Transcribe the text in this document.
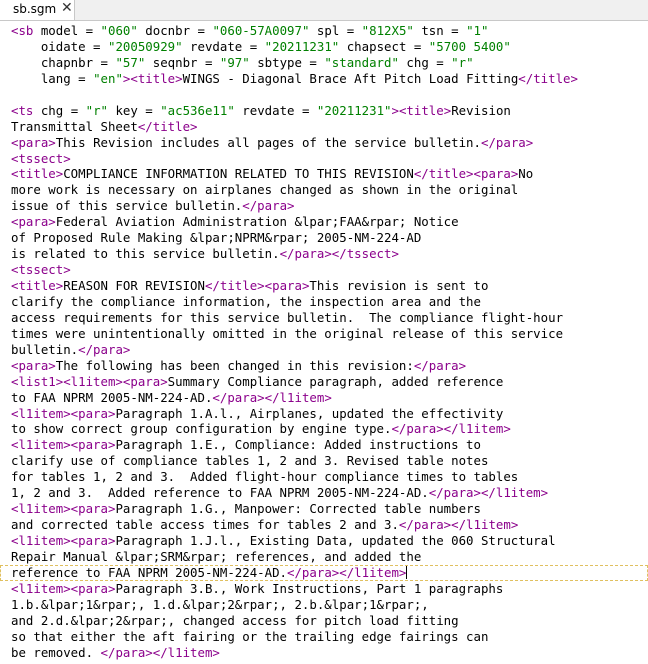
sb.sgm ✕
<sb model = "060" docnbr = "060-57A0097" spl = "812X5" tsn = "1"
oidate = "20050929" revdate = "20211231" chapsect = "5700 5400"
chapnbr = "57" seqnbr = "97" sbtype = "standard" chg = "r"
lang = "en"><title>WINGS - Diagonal Brace Aft Pitch Load Fitting</title>
<ts chg = "r" key = "ac536e11" revdate = "20211231"><title>Revision
Transmittal Sheet</title>
<para>This Revision includes all pages of the service bulletin.</para>
<tssect>
<title>COMPLIANCE INFORMATION RELATED TO THIS REVISION</title><para>No
more work is necessary on airplanes changed as shown in the original
issue of this service bulletin.</para>
<para>Federal Aviation Administration &lpar;FAA&rpar; Notice
of Proposed Rule Making &lpar;NPRM&rpar; 2005-NM-224-AD
is related to this service bulletin.</para></tssect>
<tssect>
<title>REASON FOR REVISION</title><para>This revision is sent to
clarify the compliance information, the inspection area and the
access requirements for this service bulletin.  The compliance flight-hour
times were unintentionally omitted in the original release of this service
bulletin.</para>
<para>The following has been changed in this revision:</para>
<list1><l1item><para>Summary Compliance paragraph, added reference
to FAA NPRM 2005-NM-224-AD.</para></l1item>
<l1item><para>Paragraph 1.A.l., Airplanes, updated the effectivity
to show correct group configuration by engine type.</para></l1item>
<l1item><para>Paragraph 1.E., Compliance: Added instructions to
clarify use of compliance tables 1, 2 and 3. Revised table notes
for tables 1, 2 and 3.  Added flight-hour compliance times to tables
1, 2 and 3.  Added reference to FAA NPRM 2005-NM-224-AD.</para></l1item>
<l1item><para>Paragraph 1.G., Manpower: Corrected table numbers
and corrected table access times for tables 2 and 3.</para></l1item>
<l1item><para>Paragraph 1.J.l., Existing Data, updated the 060 Structural
Repair Manual &lpar;SRM&rpar; references, and added the
reference to FAA NPRM 2005-NM-224-AD.</para></l1item>
<l1item><para>Paragraph 3.B., Work Instructions, Part 1 paragraphs
1.b.&lpar;1&rpar;, 1.d.&lpar;2&rpar;, 2.b.&lpar;1&rpar;,
and 2.d.&lpar;2&rpar;, changed access for pitch load fitting
so that either the aft fairing or the trailing edge fairings can
be removed. </para></l1item>
